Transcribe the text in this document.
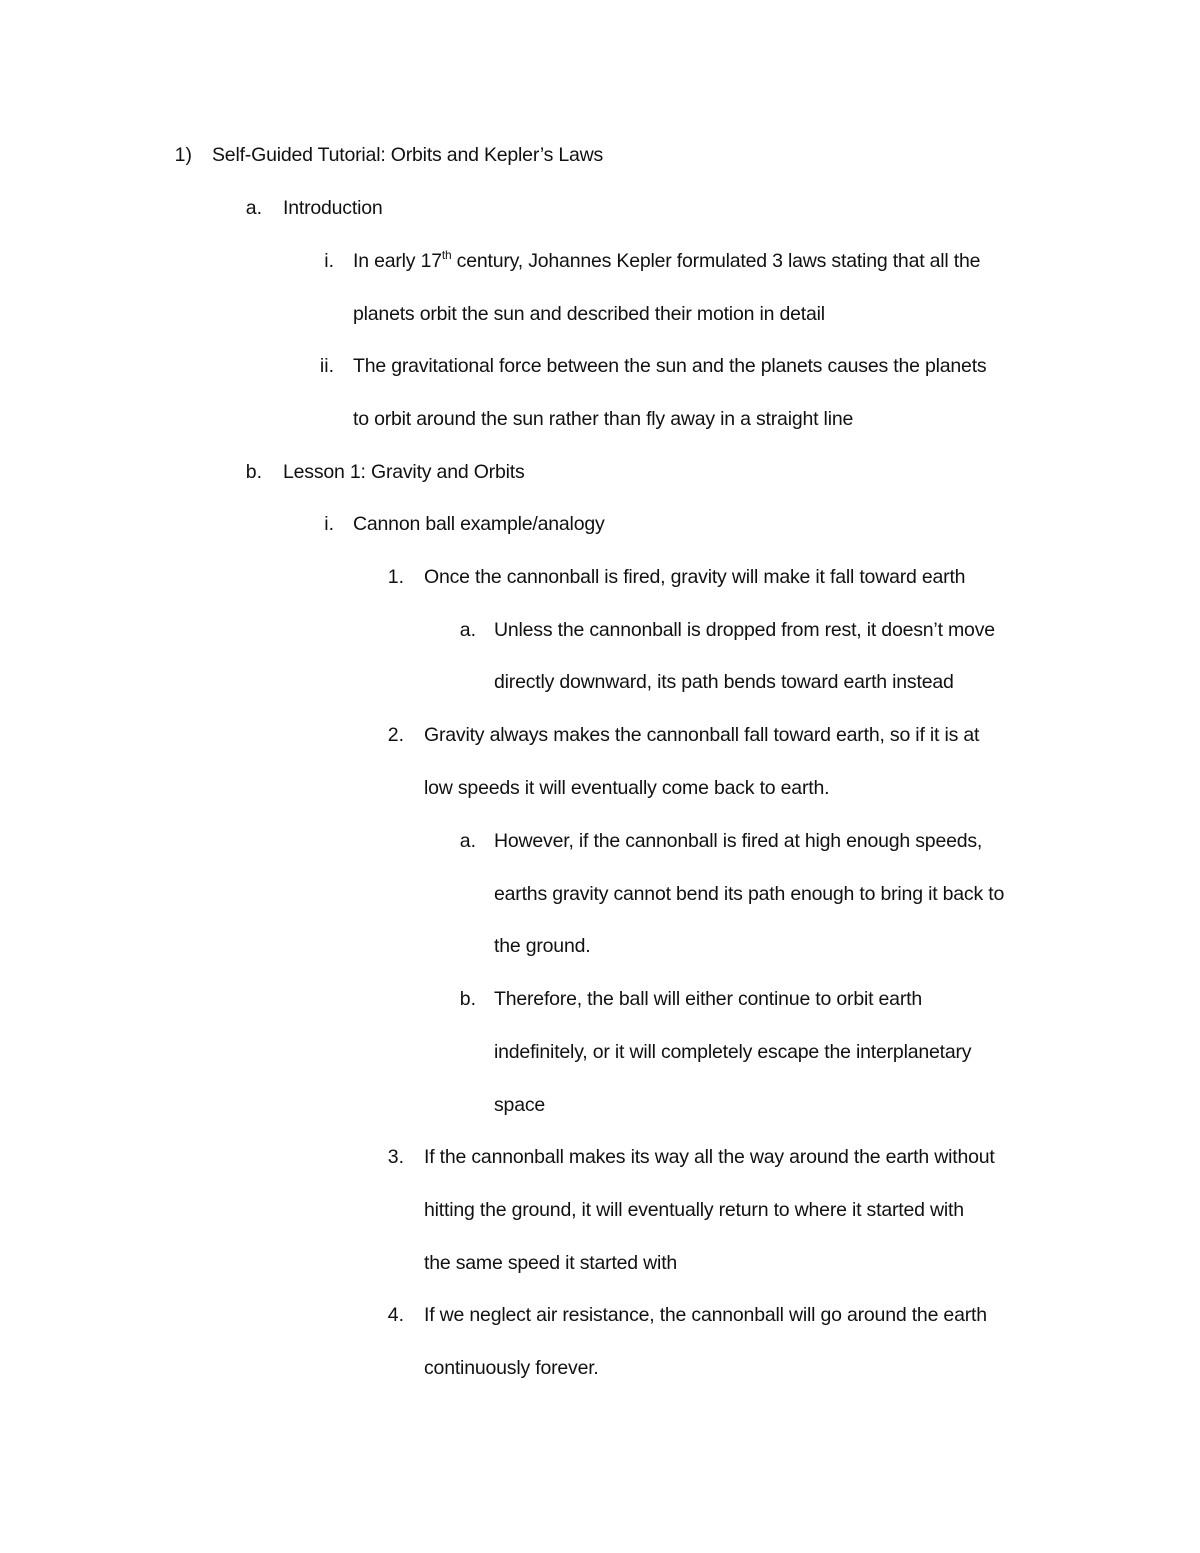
1) Self-Guided Tutorial: Orbits and Kepler’s Laws
a. Introduction
i. In early 17th century, Johannes Kepler formulated 3 laws stating that all the
planets orbit the sun and described their motion in detail
ii. The gravitational force between the sun and the planets causes the planets
to orbit around the sun rather than fly away in a straight line
b. Lesson 1: Gravity and Orbits
i. Cannon ball example/analogy
1. Once the cannonball is fired, gravity will make it fall toward earth
a. Unless the cannonball is dropped from rest, it doesn’t move
directly downward, its path bends toward earth instead
2. Gravity always makes the cannonball fall toward earth, so if it is at
low speeds it will eventually come back to earth.
a. However, if the cannonball is fired at high enough speeds,
earths gravity cannot bend its path enough to bring it back to
the ground.
b. Therefore, the ball will either continue to orbit earth
indefinitely, or it will completely escape the interplanetary
space
3. If the cannonball makes its way all the way around the earth without
hitting the ground, it will eventually return to where it started with
the same speed it started with
4. If we neglect air resistance, the cannonball will go around the earth
continuously forever.
